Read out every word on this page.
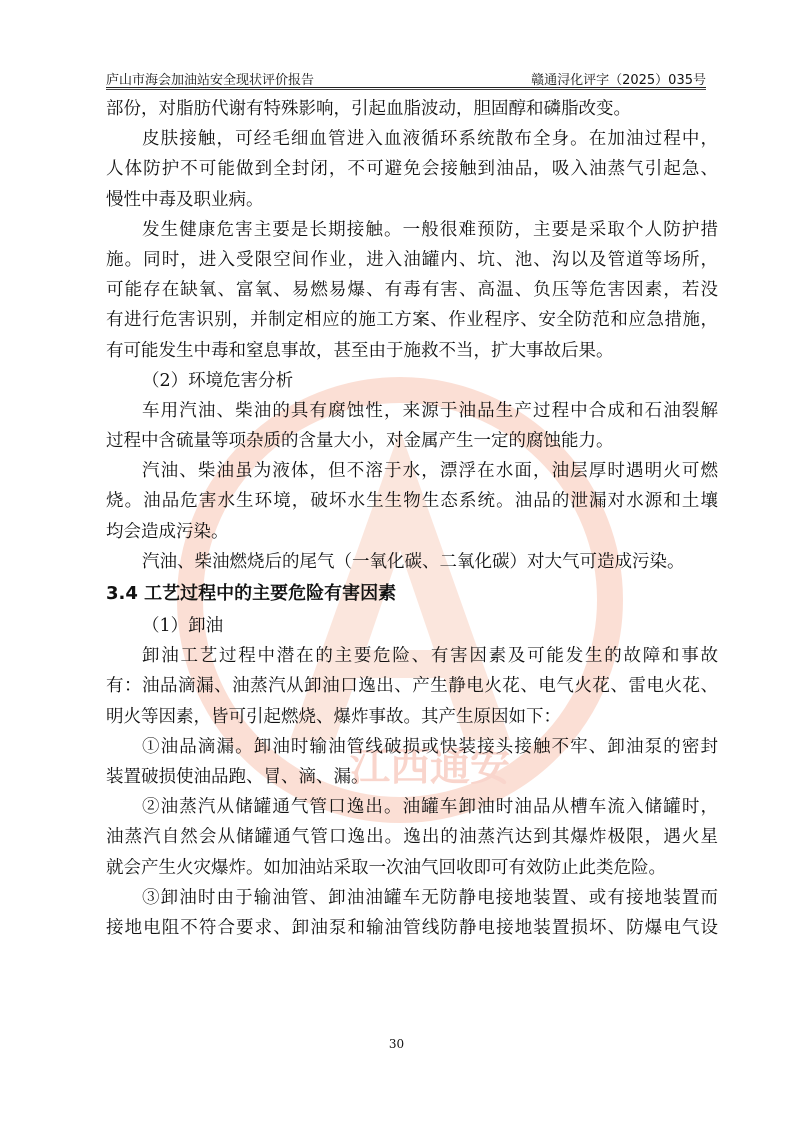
庐山市海会加油站安全现状评价报告	赣通浔化评字（2025）035号
江西通安
部份，对脂肪代谢有特殊影响，引起血脂波动，胆固醇和磷脂改变。
皮肤接触，可经毛细血管进入血液循环系统散布全身。在加油过程中，
人体防护不可能做到全封闭，不可避免会接触到油品，吸入油蒸气引起急、
慢性中毒及职业病。
发生健康危害主要是长期接触。一般很难预防，主要是采取个人防护措
施。同时，进入受限空间作业，进入油罐内、坑、池、沟以及管道等场所，
可能存在缺氧、富氧、易燃易爆、有毒有害、高温、负压等危害因素，若没
有进行危害识别，并制定相应的施工方案、作业程序、安全防范和应急措施，
有可能发生中毒和窒息事故，甚至由于施救不当，扩大事故后果。
（2）环境危害分析
车用汽油、柴油的具有腐蚀性，来源于油品生产过程中合成和石油裂解
过程中含硫量等项杂质的含量大小，对金属产生一定的腐蚀能力。
汽油、柴油虽为液体，但不溶于水，漂浮在水面，油层厚时遇明火可燃
烧。油品危害水生环境，破坏水生生物生态系统。油品的泄漏对水源和土壤
均会造成污染。
汽油、柴油燃烧后的尾气（一氧化碳、二氧化碳）对大气可造成污染。
3.4 工艺过程中的主要危险有害因素
（1）卸油
卸油工艺过程中潜在的主要危险、有害因素及可能发生的故障和事故
有：油品滴漏、油蒸汽从卸油口逸出、产生静电火花、电气火花、雷电火花、
明火等因素，皆可引起燃烧、爆炸事故。其产生原因如下：
①油品滴漏。卸油时输油管线破损或快装接头接触不牢、卸油泵的密封
装置破损使油品跑、冒、滴、漏。
②油蒸汽从储罐通气管口逸出。油罐车卸油时油品从槽车流入储罐时，
油蒸汽自然会从储罐通气管口逸出。逸出的油蒸汽达到其爆炸极限，遇火星
就会产生火灾爆炸。如加油站采取一次油气回收即可有效防止此类危险。
③卸油时由于输油管、卸油油罐车无防静电接地装置、或有接地装置而
接地电阻不符合要求、卸油泵和输油管线防静电接地装置损坏、防爆电气设
30
